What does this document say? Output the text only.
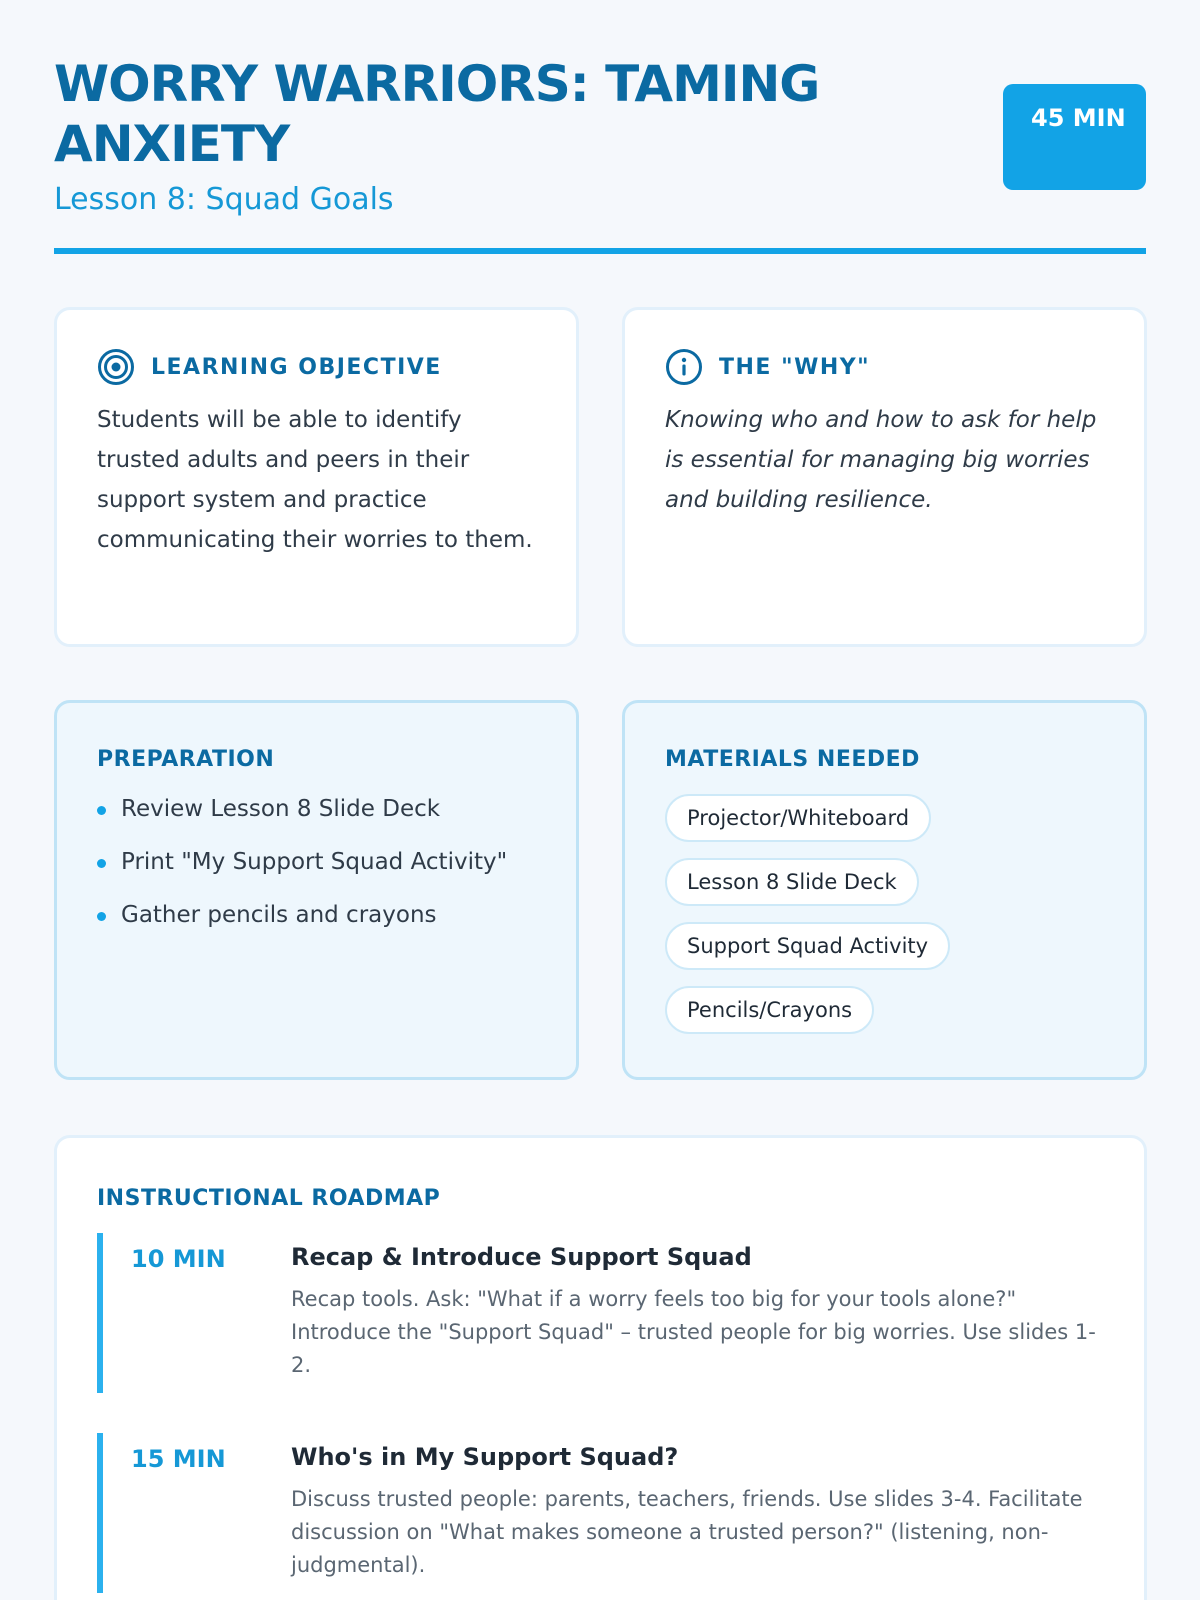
WORRY WARRIORS: TAMING ANXIETY
Lesson 8: Squad Goals
45 MIN
LEARNING OBJECTIVE

Students will be able to identify trusted adults and peers in their support system and practice communicating their worries to them.

THE "WHY"

Knowing who and how to ask for help is essential for managing big worries and building resilience.

PREPARATION
Review Lesson 8 Slide Deck
Print "My Support Squad Activity"
Gather pencils and crayons
MATERIALS NEEDED
Projector/Whiteboard
Lesson 8 Slide Deck
Support Squad Activity
Pencils/Crayons
INSTRUCTIONAL ROADMAP
10 MIN	Recap & Introduce Support Squad

Recap tools. Ask: "What if a worry feels too big for your tools alone?" Introduce the "Support Squad" – trusted people for big worries. Use slides 1-2.

15 MIN	Who's in My Support Squad?

Discuss trusted people: parents, teachers, friends. Use slides 3-4. Facilitate discussion on "What makes someone a trusted person?" (listening, non-judgmental).
